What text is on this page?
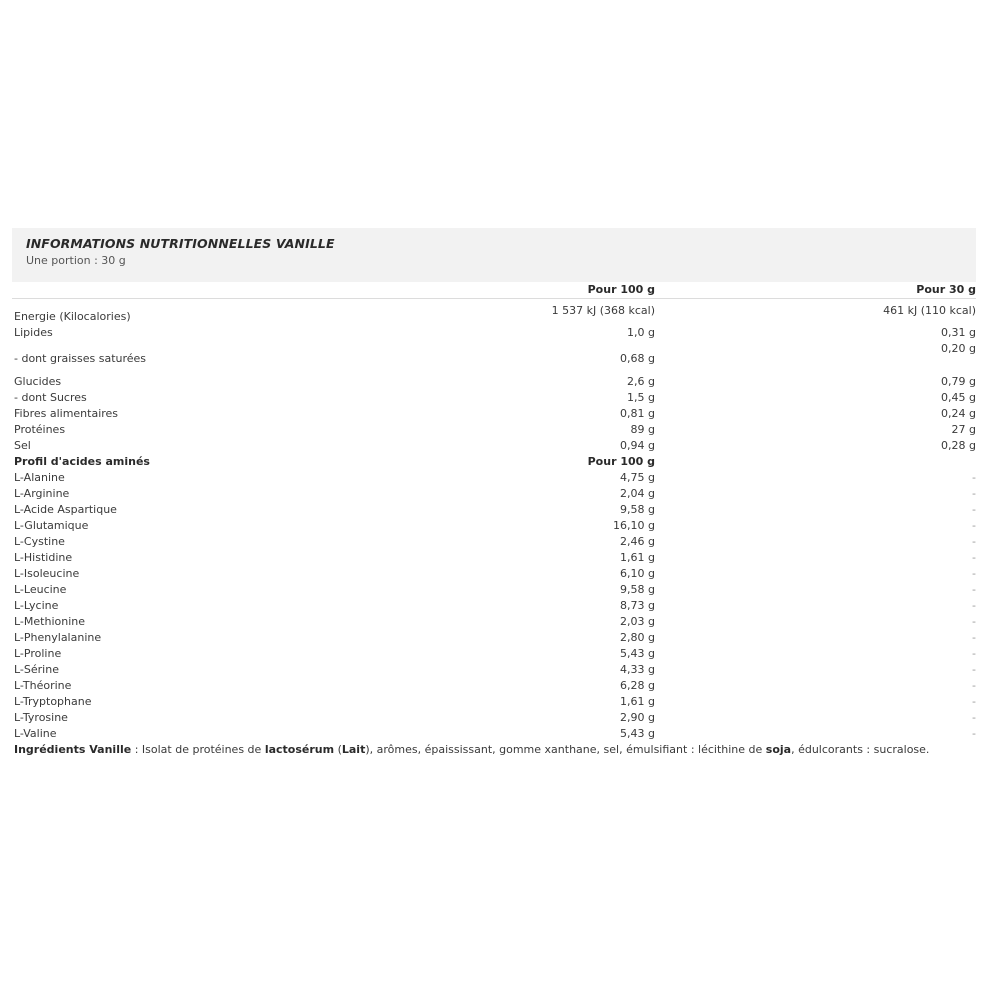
INFORMATIONS NUTRITIONNELLES VANILLE
Une portion : 30 g
	Pour 100 g	Pour 30 g
Energie (Kilocalories)	1 537 kJ (368 kcal)	461 kJ (110 kcal)
Lipides	1,0 g	0,31 g
- dont graisses saturées	0,68 g	0,20 g
Glucides	2,6 g	0,79 g
- dont Sucres	1,5 g	0,45 g
Fibres alimentaires	0,81 g	0,24 g
Protéines	89 g	27 g
Sel	0,94 g	0,28 g
Profil d'acides aminés	Pour 100 g	
L-Alanine	4,75 g	-
L-Arginine	2,04 g	-
L-Acide Aspartique	9,58 g	-
L-Glutamique	16,10 g	-
L-Cystine	2,46 g	-
L-Histidine	1,61 g	-
L-Isoleucine	6,10 g	-
L-Leucine	9,58 g	-
L-Lycine	8,73 g	-
L-Methionine	2,03 g	-
L-Phenylalanine	2,80 g	-
L-Proline	5,43 g	-
L-Sérine	4,33 g	-
L-Théorine	6,28 g	-
L-Tryptophane	1,61 g	-
L-Tyrosine	2,90 g	-
L-Valine	5,43 g	-
Ingrédients Vanille : Isolat de protéines de lactosérum (Lait), arômes, épaississant, gomme xanthane, sel, émulsifiant : lécithine de soja, édulcorants : sucralose.
